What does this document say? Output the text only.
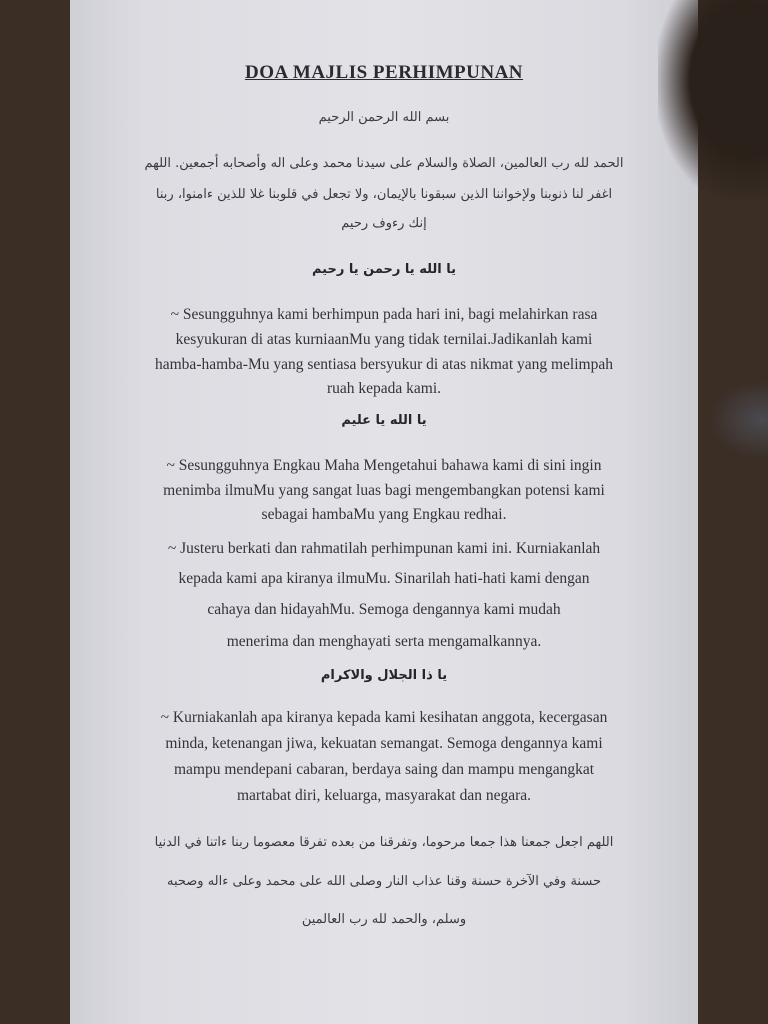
DOA MAJLIS PERHIMPUNAN
بسم الله الرحمن الرحيم
الحمد لله رب العالمين، الصلاة والسلام على سيدنا محمد وعلى اله وأصحابه أجمعين. اللهم
اغفر لنا ذنوبنا ولإخواننا الذين سبقونا بالإيمان، ولا تجعل في قلوبنا غلا للذين ءامنوا، ربنا
إنك رءوف رحيم
يا الله يا رحمن يا رحيم
~ Sesungguhnya kami berhimpun pada hari ini, bagi melahirkan rasa
kesyukuran di atas kurniaanMu yang tidak ternilai.Jadikanlah kami
hamba-hamba-Mu yang sentiasa bersyukur di atas nikmat yang melimpah
ruah kepada kami.
يا الله يا عليم
~ Sesungguhnya Engkau Maha Mengetahui bahawa kami di sini ingin
menimba ilmuMu yang sangat luas bagi mengembangkan potensi kami
sebagai hambaMu yang Engkau redhai.
~ Justeru berkati dan rahmatilah perhimpunan kami ini. Kurniakanlah
kepada kami apa kiranya ilmuMu. Sinarilah hati-hati kami dengan
cahaya dan hidayahMu. Semoga dengannya kami mudah
menerima dan menghayati serta mengamalkannya.
يا ذا الجلال والاكرام
~ Kurniakanlah apa kiranya kepada kami kesihatan anggota, kecergasan
minda, ketenangan jiwa, kekuatan semangat. Semoga dengannya kami
mampu mendepani cabaran, berdaya saing dan mampu mengangkat
martabat diri, keluarga, masyarakat dan negara.
اللهم اجعل جمعنا هذا جمعا مرحوما، وتفرقنا من بعده تفرقا معصوما ربنا ءاتنا في الدنيا
حسنة وفي الآخرة حسنة وقنا عذاب النار وصلى الله على محمد وعلى ءاله وصحبه
وسلم، والحمد لله رب العالمين
